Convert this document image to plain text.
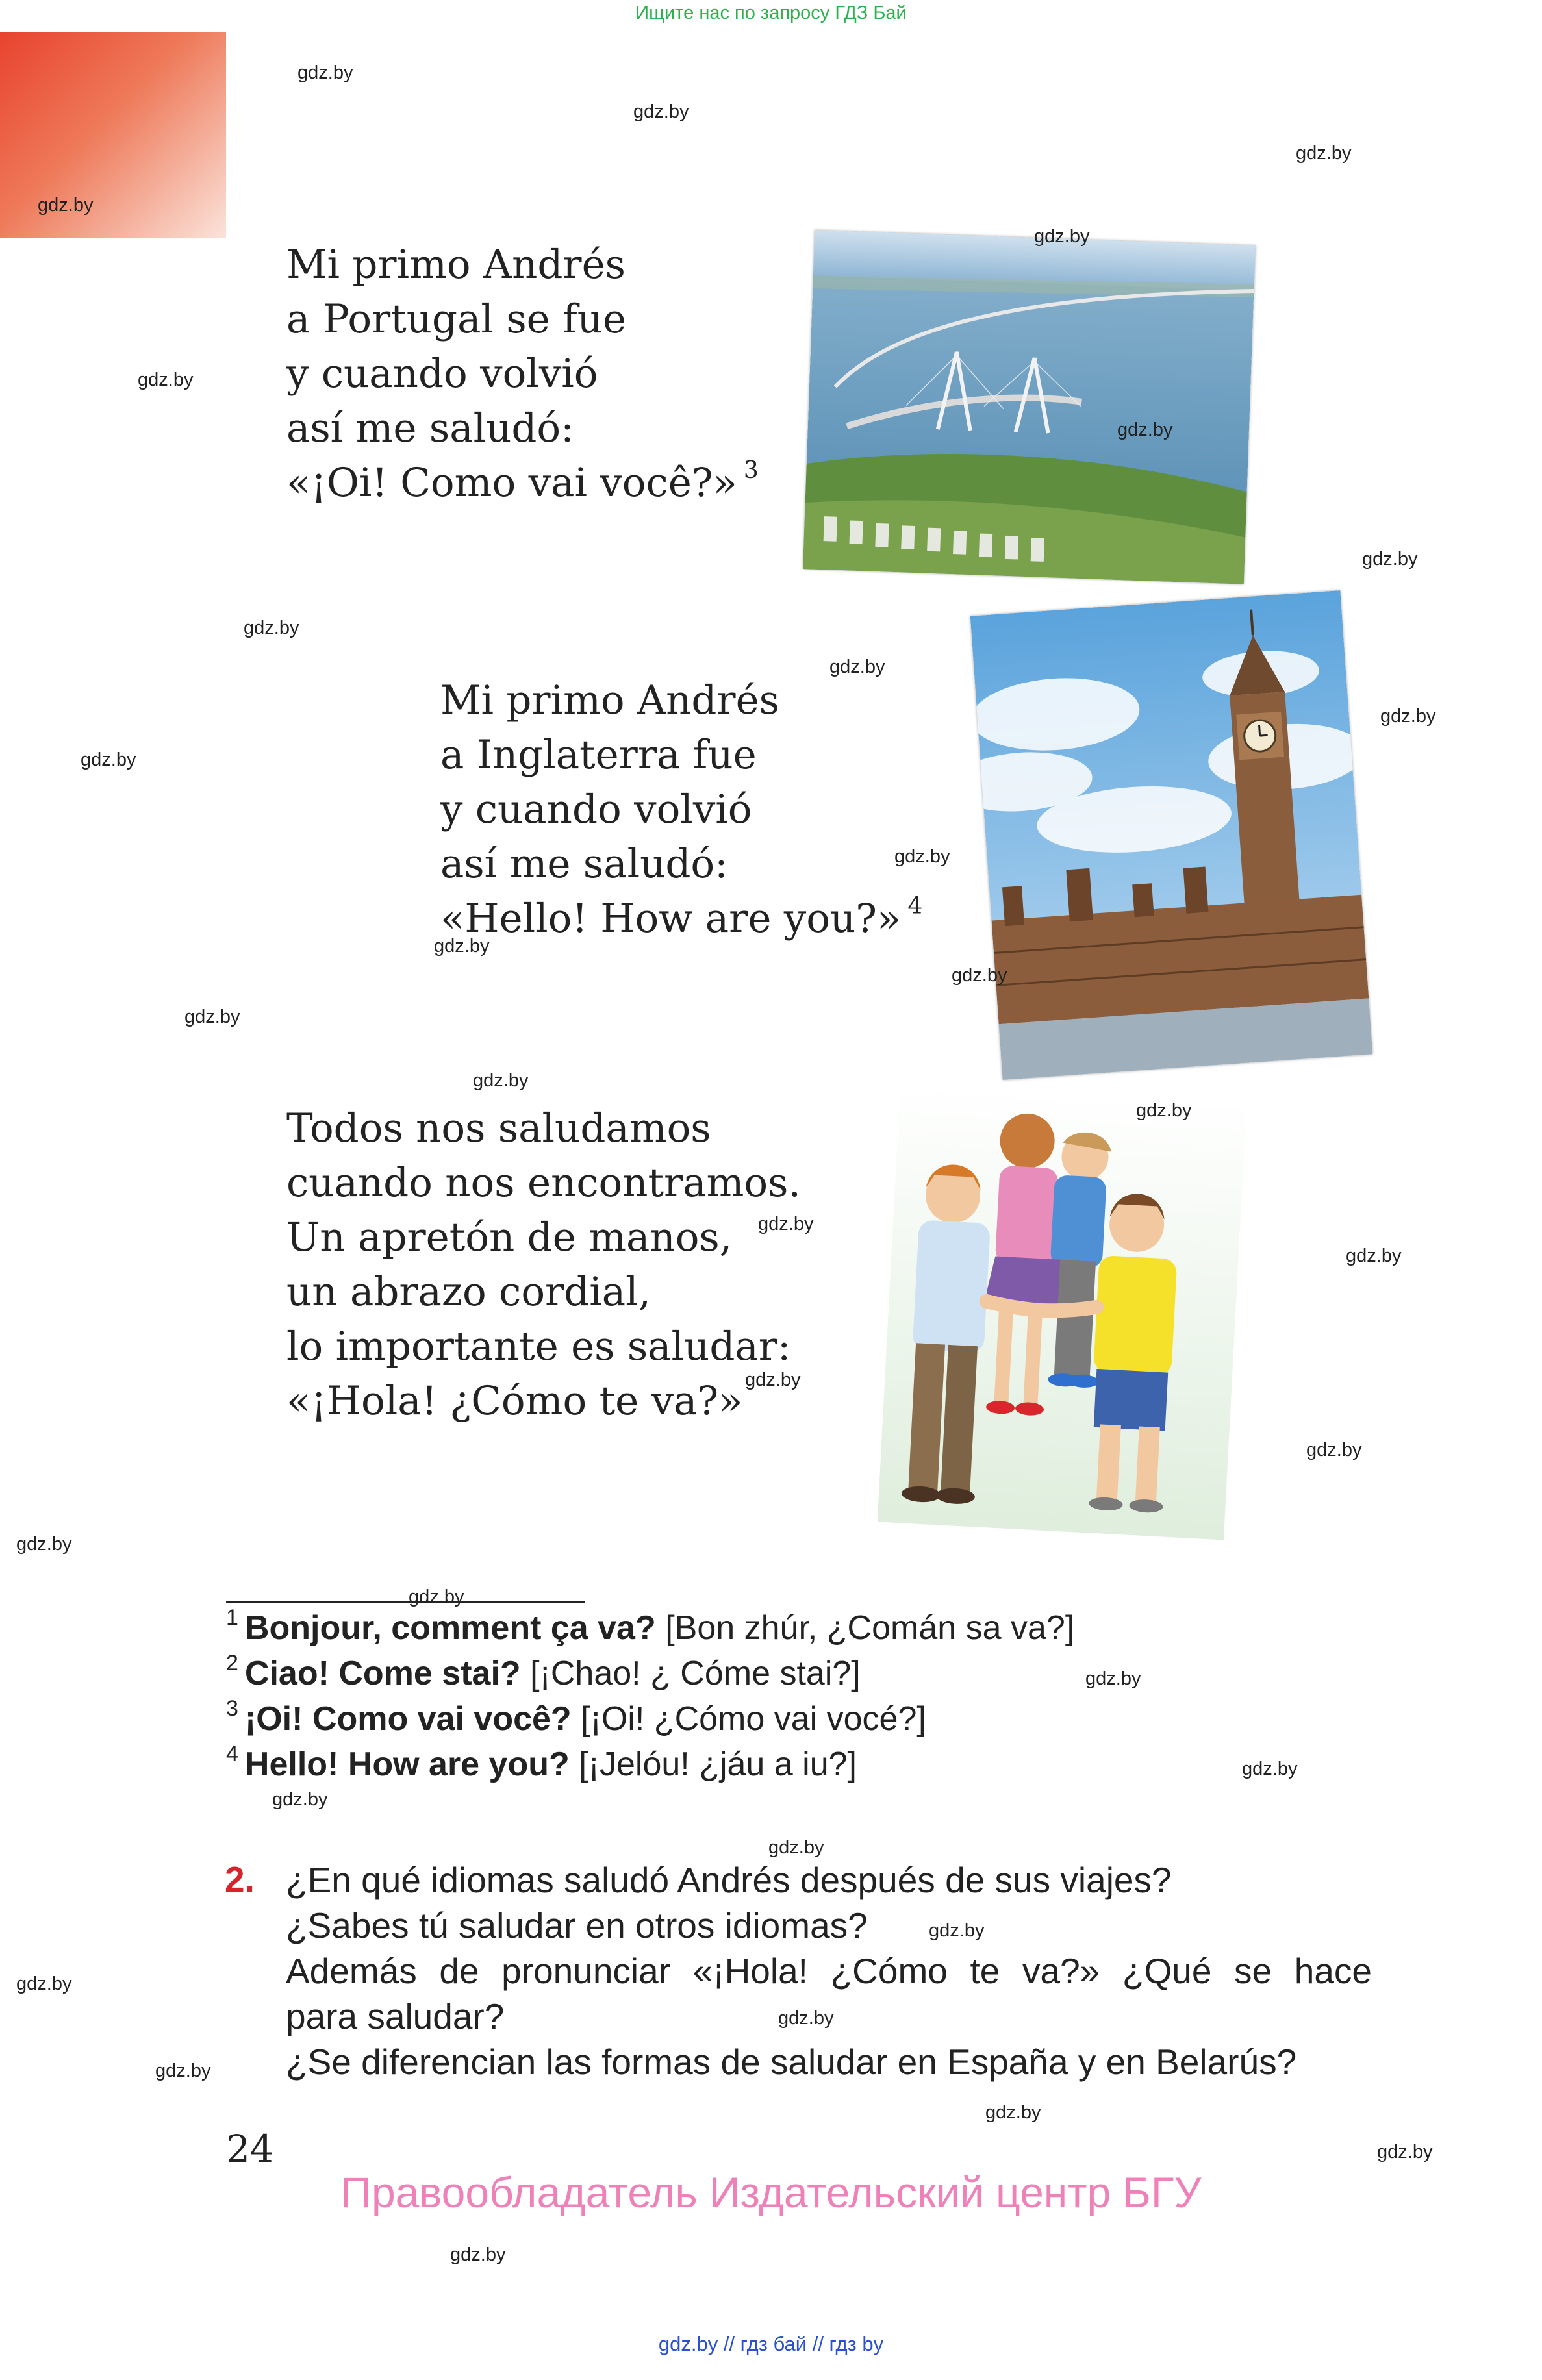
Ищите нас по запросу ГДЗ Бай
Mi primo Andrés
a Portugal se fue
y cuando volvió
así me saludó:
«¡Oi! Como vai você?» $^3$
Mi primo Andrés
a Inglaterra fue
y cuando volvió
así me saludó:
«Hello! How are you?» $^4$
Todos nos saludamos
cuando nos encontramos.
Un apretón de manos,
un abrazo cordial,
lo importante es saludar:
«¡Hola! ¿Cómo te va?»
$^1$ Bonjour, comment ça va? [Bon zhúr, ¿Comán sa va?]
$^2$ Ciao! Come stai? [¡Chao! ¿ Cóme stai?]
$^3$ ¡Oi! Como vai você? [¡Oi! ¿Cómo vai vocé?]
$^4$ Hello! How are you? [¡Jelóu! ¿jáu a iu?]
2. ¿En qué idiomas saludó Andrés después de sus viajes?
¿Sabes tú saludar en otros idiomas?
Además de pronunciar «¡Hola! ¿Cómo te va?» ¿Qué se hace
para saludar?
¿Se diferencian las formas de saludar en España y en Belarús?
24
Правообладатель Издательский центр БГУ
gdz.by // гдз бай // гдз by
gdz.by
gdz.by
gdz.by
gdz.by
gdz.by
gdz.by
gdz.by
gdz.by
gdz.by
gdz.by
gdz.by
gdz.by
gdz.by
gdz.by
gdz.by
gdz.by
gdz.by
gdz.by
gdz.by
gdz.by
gdz.by
gdz.by
gdz.by
gdz.by
gdz.by
gdz.by
gdz.by
gdz.by
gdz.by
gdz.by
gdz.by
gdz.by
gdz.by
gdz.by
gdz.by
